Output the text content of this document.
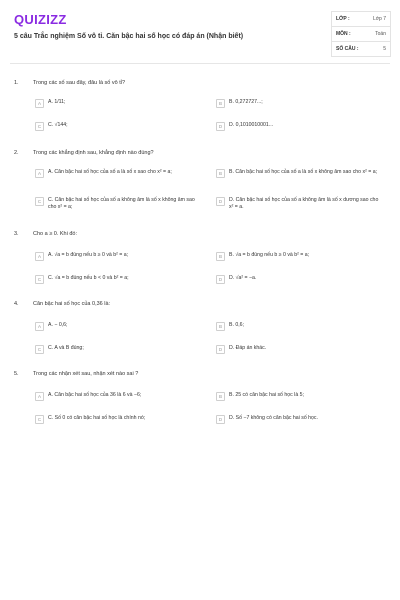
QUIZIZZ
5 câu Trắc nghiệm Số vô tỉ. Căn bậc hai số học có đáp án (Nhận biết)
LỚP :	Lớp 7
MÔN :	Toán
SỐ CÂU :	5
1.	Trong các số sau đây, đâu là số vô tỉ?
A	A. 1/11;	B	B. 0,272727...;
C	C. √144;	D	D. 0,1010010001...
2.	Trong các khẳng định sau, khẳng định nào đúng?
A	A. Căn bậc hai số học của số a là số x sao cho x² = a;	B	B. Căn bậc hai số học của số a là số x không âm sao cho x² = a;
C	C. Căn bậc hai số học của số a không âm là số x không âm sao cho x² = a;
D	D. Căn bậc hai số học của số a không âm là số x dương sao cho x² = a.
3.	Cho a ≥ 0. Khi đó:
A	A. √a = b đúng nếu b ≥ 0 và b² = a;	B	B. √a = b đúng nếu b ≥ 0 và b² = a;
C	C. √a = b đúng nếu b < 0 và b² = a;	D	D. √a² = −a.
4.	Căn bậc hai số học của 0,36 là:
A	A. − 0,6;	B	B. 0,6;
C	C. A và B đúng;	D	D. Đáp án khác.
5.	Trong các nhận xét sau, nhận xét nào sai ?
A	A. Căn bậc hai số học của 36 là 6 và −6;	B	B. 25 có căn bậc hai số học là 5;
C	C. Số 0 có căn bậc hai số học là chính nó;	D	D. Số −7 không có căn bậc hai số học.
